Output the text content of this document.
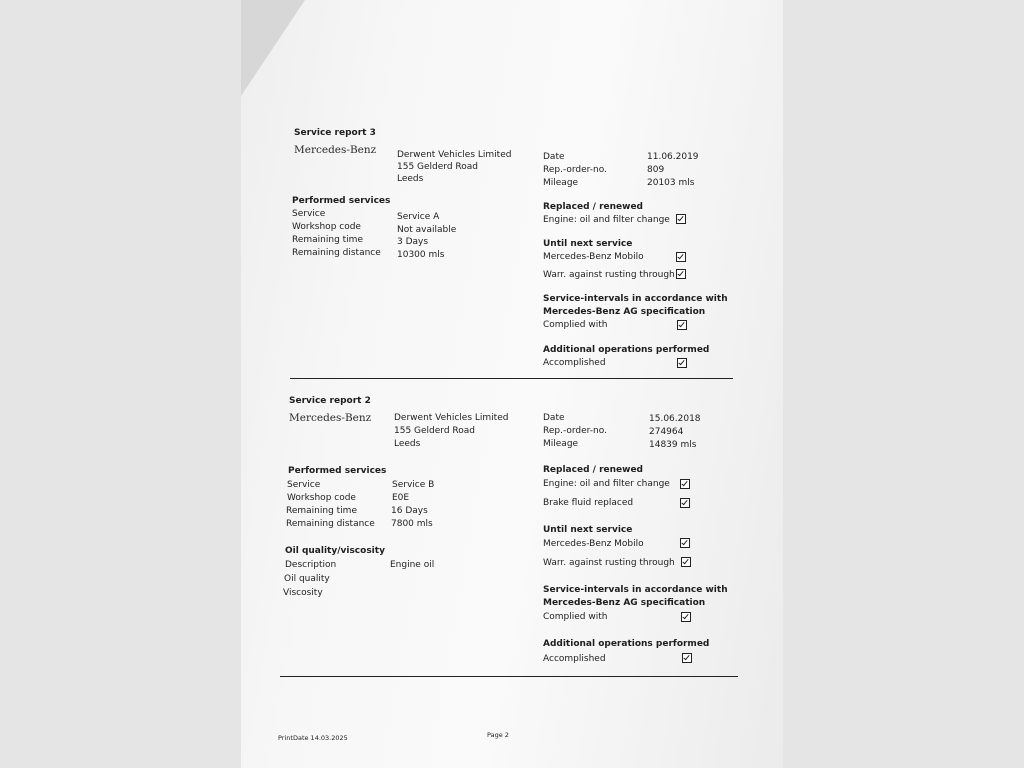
Service report 3
Mercedes-Benz Derwent Vehicles Limited
155 Gelderd Road
Leeds
Date	11.06.2019
Rep.-order-no.	809
Mileage	20103 mls
Performed services
Service	Service A
Workshop code	Not available
Remaining time	3 Days
Remaining distance 10300 mls
Replaced / renewed
Engine: oil and filter change
Until next service
Mercedes-Benz Mobilo
Warr. against rusting through
Service-intervals in accordance with
Mercedes-Benz AG specification
Complied with
Additional operations performed
Accomplished
Service report 2
Mercedes-Benz	Derwent Vehicles Limited
155 Gelderd Road
Leeds
Date	15.06.2018
Rep.-order-no.	274964
Mileage	14839 mls
Performed services
Service	Service B
Workshop code	E0E
Remaining time	16 Days
Remaining distance 7800 mls
Oil quality/viscosity
Description	Engine oil
Oil quality
Viscosity
Replaced / renewed
Engine: oil and filter change
Brake fluid replaced
Until next service
Mercedes-Benz Mobilo
Warr. against rusting through
Service-intervals in accordance with
Mercedes-Benz AG specification
Complied with
Additional operations performed
Accomplished
PrintDate 14.03.2025	Page 2
